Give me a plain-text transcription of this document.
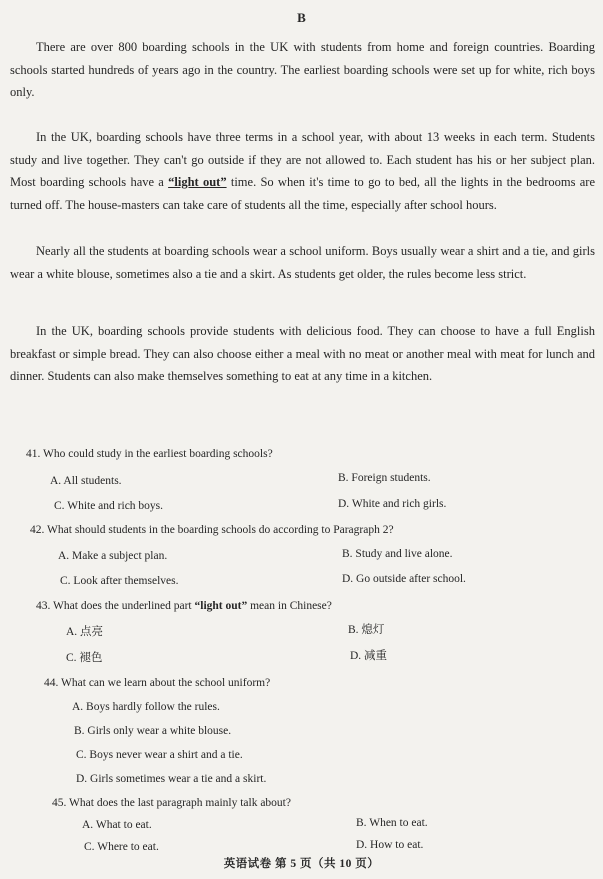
B

There are over 800 boarding schools in the UK with students from home and foreign countries. Boarding schools started hundreds of years ago in the country. The earliest boarding schools were set up for white, rich boys only.

In the UK, boarding schools have three terms in a school year, with about 13 weeks in each term. Students study and live together. They can't go outside if they are not allowed to. Each student has his or her subject plan. Most boarding schools have a “light out” time. So when it's time to go to bed, all the lights in the bedrooms are turned off. The house-masters can take care of students all the time, especially after school hours.

Nearly all the students at boarding schools wear a school uniform. Boys usually wear a shirt and a tie, and girls wear a white blouse, sometimes also a tie and a skirt. As students get older, the rules become less strict.

In the UK, boarding schools provide students with delicious food. They can choose to have a full English breakfast or simple bread. They can also choose either a meal with no meat or another meal with meat for lunch and dinner. Students can also make themselves something to eat at any time in a kitchen.

41. Who could study in the earliest boarding schools?
A. All students.	B. Foreign students.
C. White and rich boys.	D. White and rich girls.
42. What should students in the boarding schools do according to Paragraph 2?
A. Make a subject plan.	B. Study and live alone.
C. Look after themselves.	D. Go outside after school.
43. What does the underlined part “light out” mean in Chinese?
A. 点亮	B. 熄灯
C. 褪色	D. 减重
44. What can we learn about the school uniform?
A. Boys hardly follow the rules.
B. Girls only wear a white blouse.
C. Boys never wear a shirt and a tie.
D. Girls sometimes wear a tie and a skirt.
45. What does the last paragraph mainly talk about?
A. What to eat.	B. When to eat.
C. Where to eat.	D. How to eat.
英语试卷 第 5 页（共 10 页）
